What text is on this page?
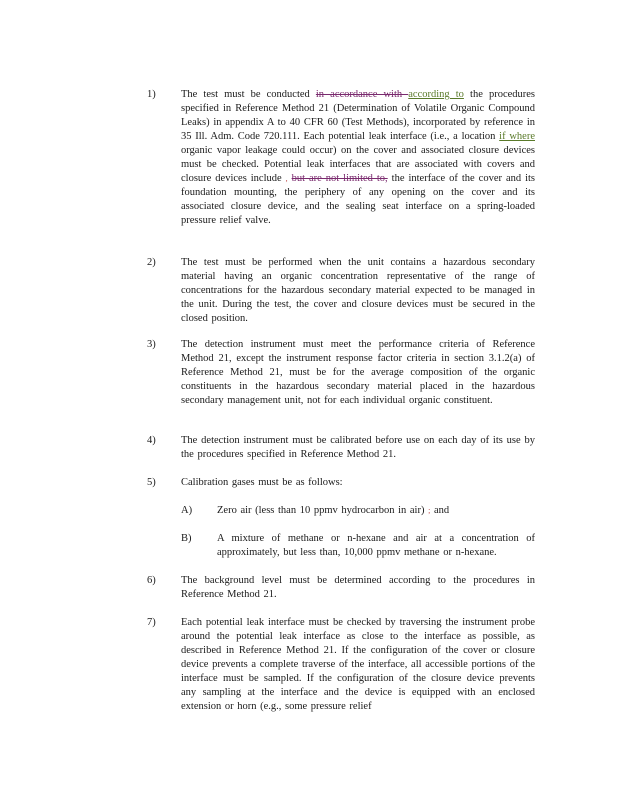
1) The test must be conducted in accordance with according to the procedures specified in Reference Method 21 (Determination of Volatile Organic Compound Leaks) in appendix A to 40 CFR 60 (Test Methods), incorporated by reference in 35 Ill. Adm. Code 720.111. Each potential leak interface (i.e., a location if where organic vapor leakage could occur) on the cover and associated closure devices must be checked. Potential leak interfaces that are associated with covers and closure devices include , but are not limited to, the interface of the cover and its foundation mounting, the periphery of any opening on the cover and its associated closure device, and the sealing seat interface on a spring-loaded pressure relief valve.
2) The test must be performed when the unit contains a hazardous secondary material having an organic concentration representative of the range of concentrations for the hazardous secondary material expected to be managed in the unit. During the test, the cover and closure devices must be secured in the closed position.
3) The detection instrument must meet the performance criteria of Reference Method 21, except the instrument response factor criteria in section 3.1.2(a) of Reference Method 21, must be for the average composition of the organic constituents in the hazardous secondary material placed in the hazardous secondary management unit, not for each individual organic constituent.
4) The detection instrument must be calibrated before use on each day of its use by the procedures specified in Reference Method 21.
5) Calibration gases must be as follows:
A) Zero air (less than 10 ppmv hydrocarbon in air) ; and
B) A mixture of methane or n-hexane and air at a concentration of approximately, but less than, 10,000 ppmv methane or n-hexane.
6) The background level must be determined according to the procedures in Reference Method 21.
7) Each potential leak interface must be checked by traversing the instrument probe around the potential leak interface as close to the interface as possible, as described in Reference Method 21. If the configuration of the cover or closure device prevents a complete traverse of the interface, all accessible portions of the interface must be sampled. If the configuration of the closure device prevents any sampling at the interface and the device is equipped with an enclosed extension or horn (e.g., some pressure relief
